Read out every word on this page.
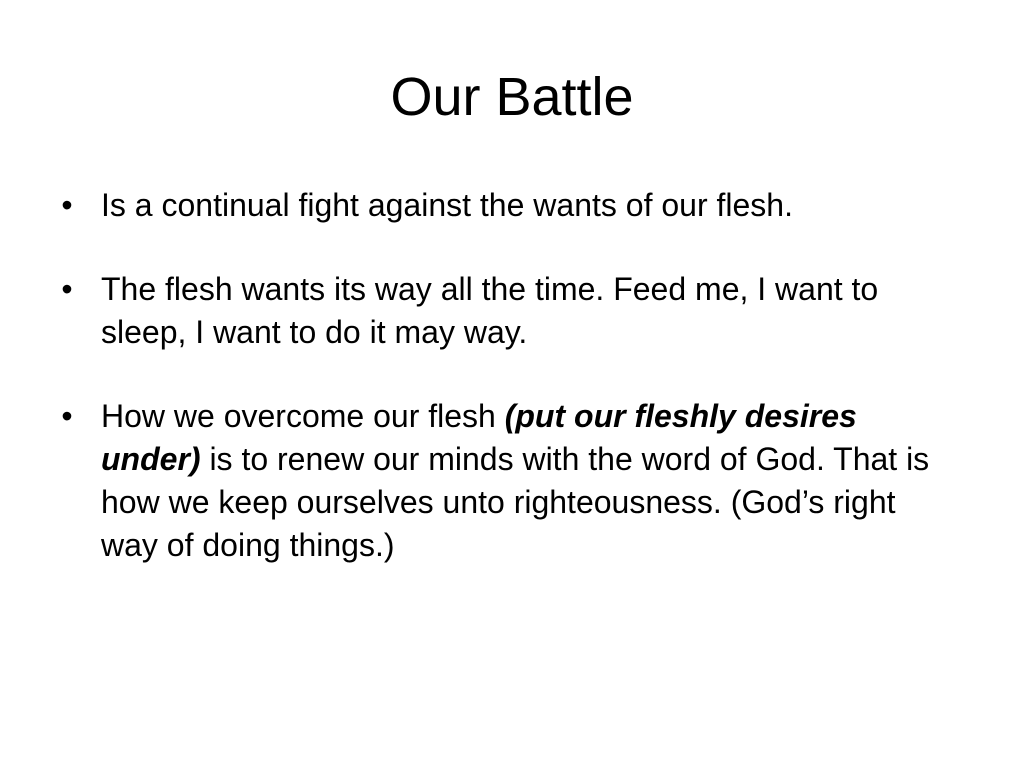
Our Battle
• Is a continual fight against the wants of our flesh.
• The flesh wants its way all the time. Feed me, I want to sleep, I want to do it may way.
• How we overcome our flesh (put our fleshly desires under) is to renew our minds with the word of God. That is how we keep ourselves unto righteousness. (God’s right way of doing things.)
